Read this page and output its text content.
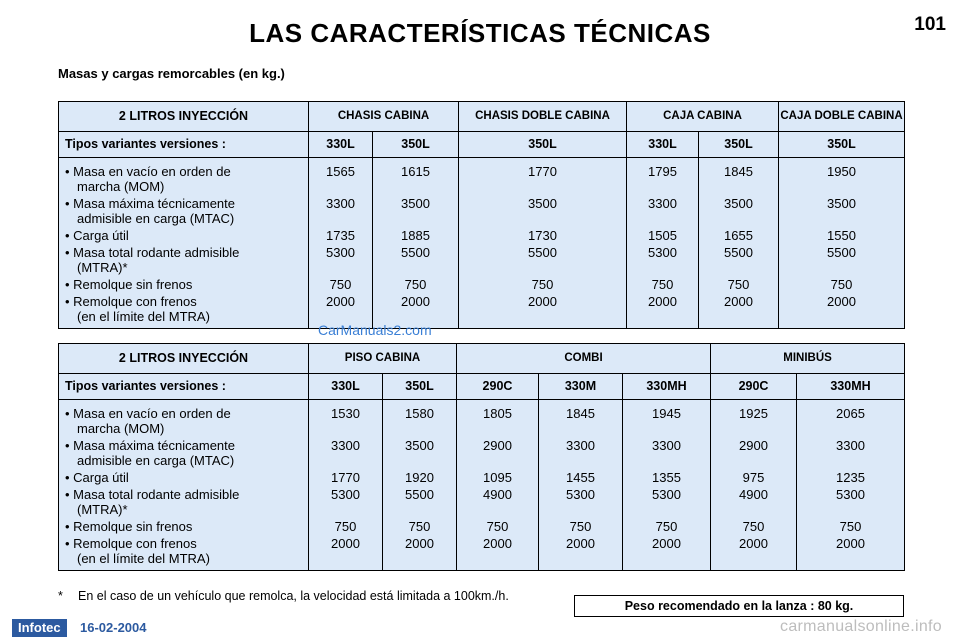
LAS CARACTERÍSTICAS TÉCNICAS	101
Masas y cargas remorcables (en kg.)
2 LITROS INYECCIÓN	CHASIS CABINA		CHASIS DOBLE CABINA	CAJA CABINA		CAJA DOBLE CABINA
Tipos variantes versiones :	330L	350L	350L	330L	350L	350L

• Masa en vacío en orden de
marcha (MOM)	1565	1615	1770	1795	1845	1950

• Masa máxima técnicamente
admisible en carga (MTAC)	3300	3500	3500	3300	3500	3500

• Carga útil	1735	1885	1730	1505	1655	1550

• Masa total rodante admisible
(MTRA)*	5300	5500	5500	5300	5500	5500

• Remolque sin frenos	750	750	750	750	750	750

• Remolque con frenos
(en el límite del MTRA)	2000	2000	2000	2000	2000	2000
CarManuals2.com
2 LITROS INYECCIÓN	PISO CABINA		COMBI			MINIBÚS	
Tipos variantes versiones :	330L	350L	290C	330M	330MH	290C	330MH

• Masa en vacío en orden de
marcha (MOM)	1530	1580	1805	1845	1945	1925	2065

• Masa máxima técnicamente
admisible en carga (MTAC)	3300	3500	2900	3300	3300	2900	3300

• Carga útil	1770	1920	1095	1455	1355	975	1235

• Masa total rodante admisible
(MTRA)*	5300	5500	4900	5300	5300	4900	5300

• Remolque sin frenos	750	750	750	750	750	750	750

• Remolque con frenos
(en el límite del MTRA)	2000	2000	2000	2000	2000	2000	2000
*	En el caso de un vehículo que remolca, la velocidad está limitada a 100km./h.
Peso recomendado en la lanza : 80 kg.
Infotec	16-02-2004	carmanualsonline.info
